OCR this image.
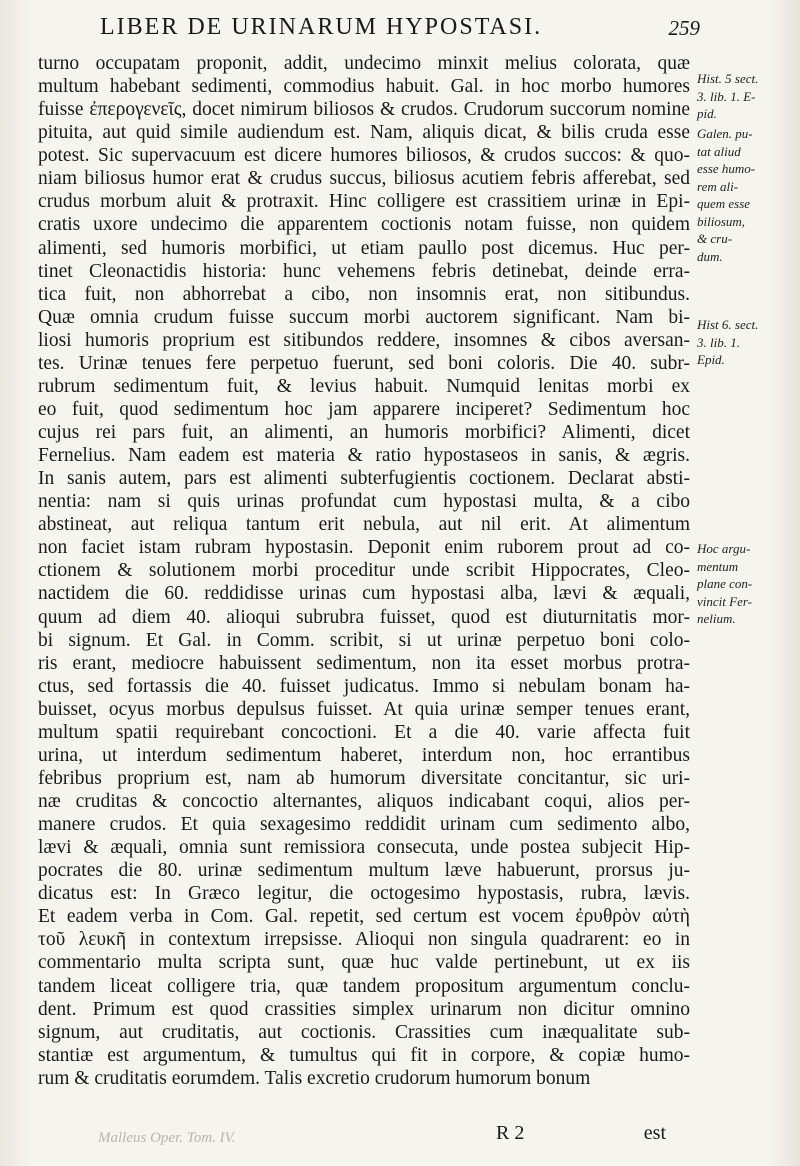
LIBER DE URINARUM HYPOSTASI.	259
turno occupatam proponit, addit, undecimo minxit melius colorata, quæ
multum habebant sedimenti, commodius habuit. Gal. in hoc morbo humores
fuisse ἐπερογενεῖς, docet nimirum biliosos & crudos. Crudorum succorum nomine
pituita, aut quid simile audiendum est. Nam, aliquis dicat, & bilis cruda esse
potest. Sic supervacuum est dicere humores biliosos, & crudos succos: & quo-
niam biliosus humor erat & crudus succus, biliosus acutiem febris afferebat, sed
crudus morbum aluit & protraxit. Hinc colligere est crassitiem urinæ in Epi-
cratis uxore undecimo die apparentem coctionis notam fuisse, non quidem
alimenti, sed humoris morbifici, ut etiam paullo post dicemus. Huc per-
tinet Cleonactidis historia: hunc vehemens febris detinebat, deinde erra-
tica fuit, non abhorrebat a cibo, non insomnis erat, non sitibundus.
Quæ omnia crudum fuisse succum morbi auctorem significant. Nam bi-
liosi humoris proprium est sitibundos reddere, insomnes & cibos aversan-
tes. Urinæ tenues fere perpetuo fuerunt, sed boni coloris. Die 40. subr-
rubrum sedimentum fuit, & levius habuit. Numquid lenitas morbi ex
eo fuit, quod sedimentum hoc jam apparere inciperet? Sedimentum hoc
cujus rei pars fuit, an alimenti, an humoris morbifici? Alimenti, dicet
Fernelius. Nam eadem est materia & ratio hypostaseos in sanis, & ægris.
In sanis autem, pars est alimenti subterfugientis coctionem. Declarat absti-
nentia: nam si quis urinas profundat cum hypostasi multa, & a cibo
abstineat, aut reliqua tantum erit nebula, aut nil erit. At alimentum
non faciet istam rubram hypostasin. Deponit enim ruborem prout ad co-
ctionem & solutionem morbi proceditur unde scribit Hippocrates, Cleo-
nactidem die 60. reddidisse urinas cum hypostasi alba, lævi & æquali,
quum ad diem 40. alioqui subrubra fuisset, quod est diuturnitatis mor-
bi signum. Et Gal. in Comm. scribit, si ut urinæ perpetuo boni colo-
ris erant, mediocre habuissent sedimentum, non ita esset morbus protra-
ctus, sed fortassis die 40. fuisset judicatus. Immo si nebulam bonam ha-
buisset, ocyus morbus depulsus fuisset. At quia urinæ semper tenues erant,
multum spatii requirebant concoctioni. Et a die 40. varie affecta fuit
urina, ut interdum sedimentum haberet, interdum non, hoc errantibus
febribus proprium est, nam ab humorum diversitate concitantur, sic uri-
næ cruditas & concoctio alternantes, aliquos indicabant coqui, alios per-
manere crudos. Et quia sexagesimo reddidit urinam cum sedimento albo,
lævi & æquali, omnia sunt remissiora consecuta, unde postea subjecit Hip-
pocrates die 80. urinæ sedimentum multum læve habuerunt, prorsus ju-
dicatus est: In Græco legitur, die octogesimo hypostasis, rubra, lævis.
Et eadem verba in Com. Gal. repetit, sed certum est vocem ἐρυθρὸν αὐτὴ
τοῦ λευκῆ in contextum irrepsisse. Alioqui non singula quadrarent: eo in
commentario multa scripta sunt, quæ huc valde pertinebunt, ut ex iis
tandem liceat colligere tria, quæ tandem propositum argumentum conclu-
dent. Primum est quod crassities simplex urinarum non dicitur omnino
signum, aut cruditatis, aut coctionis. Crassities cum inæqualitate sub-
stantiæ est argumentum, & tumultus qui fit in corpore, & copiæ humo-
rum & cruditatis eorumdem. Talis excretio crudorum humorum bonum
Hist. 5 sect.
3. lib. 1. E-
pid.
Galen. pu-
tat aliud
esse humo-
rem ali-
quem esse
biliosum,
& cru-
dum.
Hist 6. sect.
3. lib. 1.
Epid.
Hoc argu-
mentum
plane con-
vincit Fer-
nelium.
Malleus Oper. Tom. IV.	R 2	est
